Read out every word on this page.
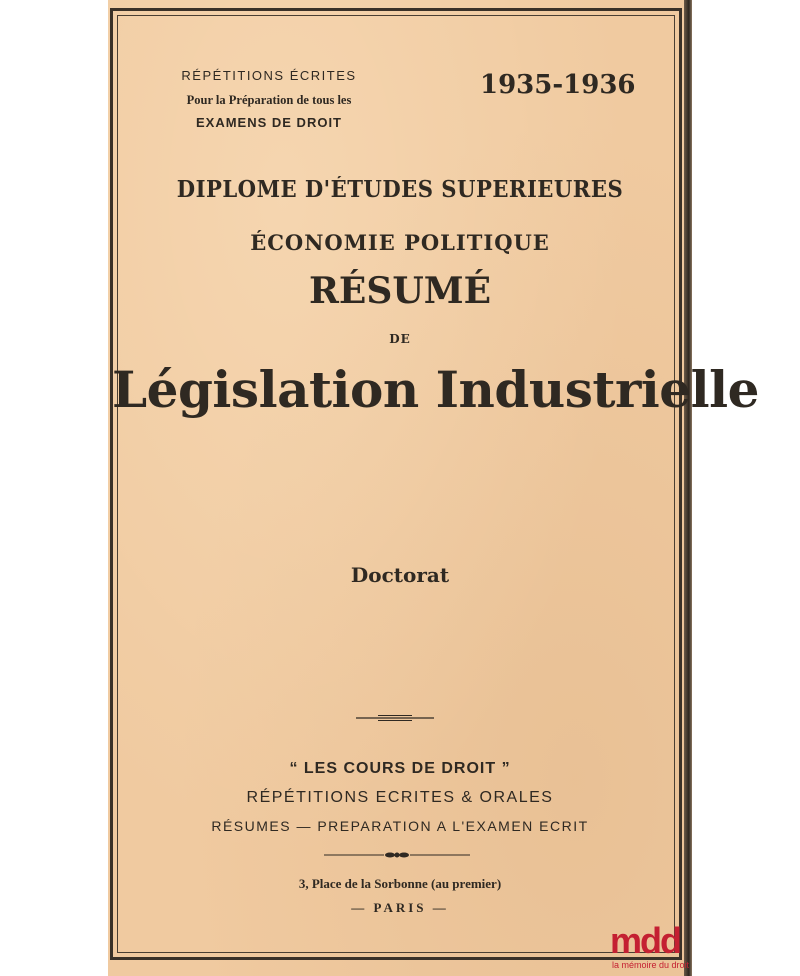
RÉPÉTITIONS ÉCRITES
Pour la Préparation de tous les
EXAMENS DE DROIT
1935-1936
DIPLOME D'ÉTUDES SUPERIEURES
ÉCONOMIE POLITIQUE
RÉSUMÉ
DE
Législation Industrielle
Doctorat
“ LES COURS DE DROIT ”
RÉPÉTITIONS ECRITES & ORALES
RÉSUMES — PREPARATION A L'EXAMEN ECRIT
3, Place de la Sorbonne (au premier)
— PARIS —
mdd
la mémoire du droit
